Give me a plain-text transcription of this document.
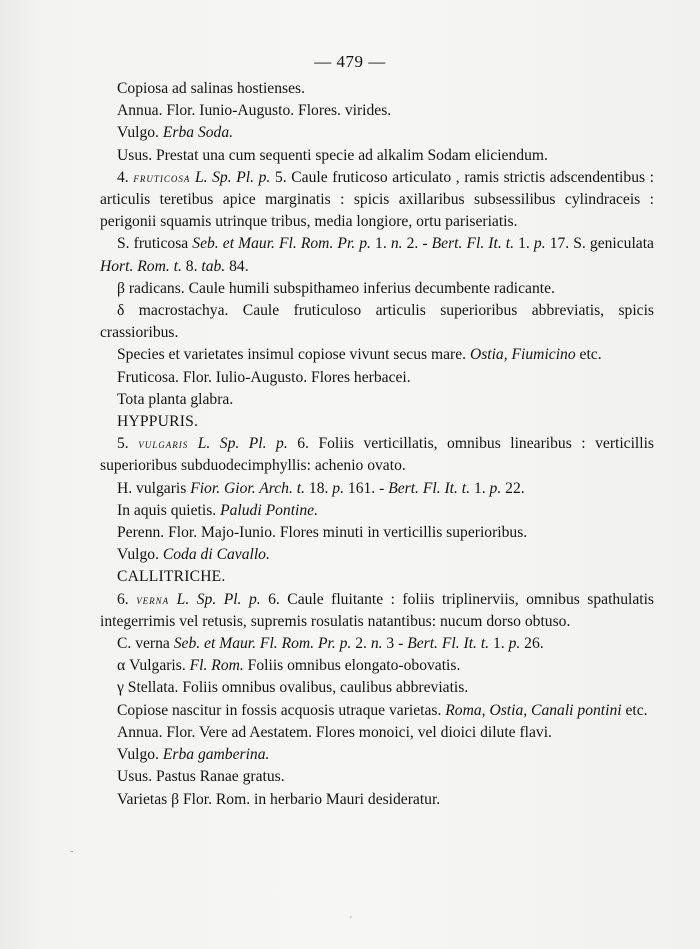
— 479 —

Copiosa ad salinas hostienses.

Annua. Flor. Iunio-Augusto. Flores. virides.

Vulgo. Erba Soda.

Usus. Prestat una cum sequenti specie ad alkalim Sodam eliciendum.

4. fruticosa L. Sp. Pl. p. 5. Caule fruticoso articulato , ramis strictis adscendentibus : articulis teretibus apice marginatis : spicis axillaribus subsessilibus cylindraceis : perigonii squamis utrinque tribus, media longiore, ortu pariseriatis.

S. fruticosa Seb. et Maur. Fl. Rom. Pr. p. 1. n. 2. - Bert. Fl. It. t. 1. p. 17. S. geniculata Hort. Rom. t. 8. tab. 84.

β radicans. Caule humili subspithameo inferius decumbente radicante.

δ macrostachya. Caule fruticuloso articulis superioribus abbreviatis, spicis crassioribus.

Species et varietates insimul copiose vivunt secus mare. Ostia, Fiumicino etc.

Fruticosa. Flor. Iulio-Augusto. Flores herbacei.

Tota planta glabra.

HYPPURIS.

5. vulgaris L. Sp. Pl. p. 6. Foliis verticillatis, omnibus linearibus : verticillis superioribus subduodecimphyllis: achenio ovato.

H. vulgaris Fior. Gior. Arch. t. 18. p. 161. - Bert. Fl. It. t. 1. p. 22.

In aquis quietis. Paludi Pontine.

Perenn. Flor. Majo-Iunio. Flores minuti in verticillis superioribus.

Vulgo. Coda di Cavallo.

CALLITRICHE.

6. verna L. Sp. Pl. p. 6. Caule fluitante : foliis triplinerviis, omnibus spathulatis integerrimis vel retusis, supremis rosulatis natantibus: nucum dorso obtuso.

C. verna Seb. et Maur. Fl. Rom. Pr. p. 2. n. 3 - Bert. Fl. It. t. 1. p. 26.

α Vulgaris. Fl. Rom. Foliis omnibus elongato-obovatis.

γ Stellata. Foliis omnibus ovalibus, caulibus abbreviatis.

Copiose nascitur in fossis acquosis utraque varietas. Roma, Ostia, Canali pontini etc.

Annua. Flor. Vere ad Aestatem. Flores monoici, vel dioici dilute flavi.

Vulgo. Erba gamberina.

Usus. Pastus Ranae gratus.

Varietas β Flor. Rom. in herbario Mauri desideratur.

-
'
